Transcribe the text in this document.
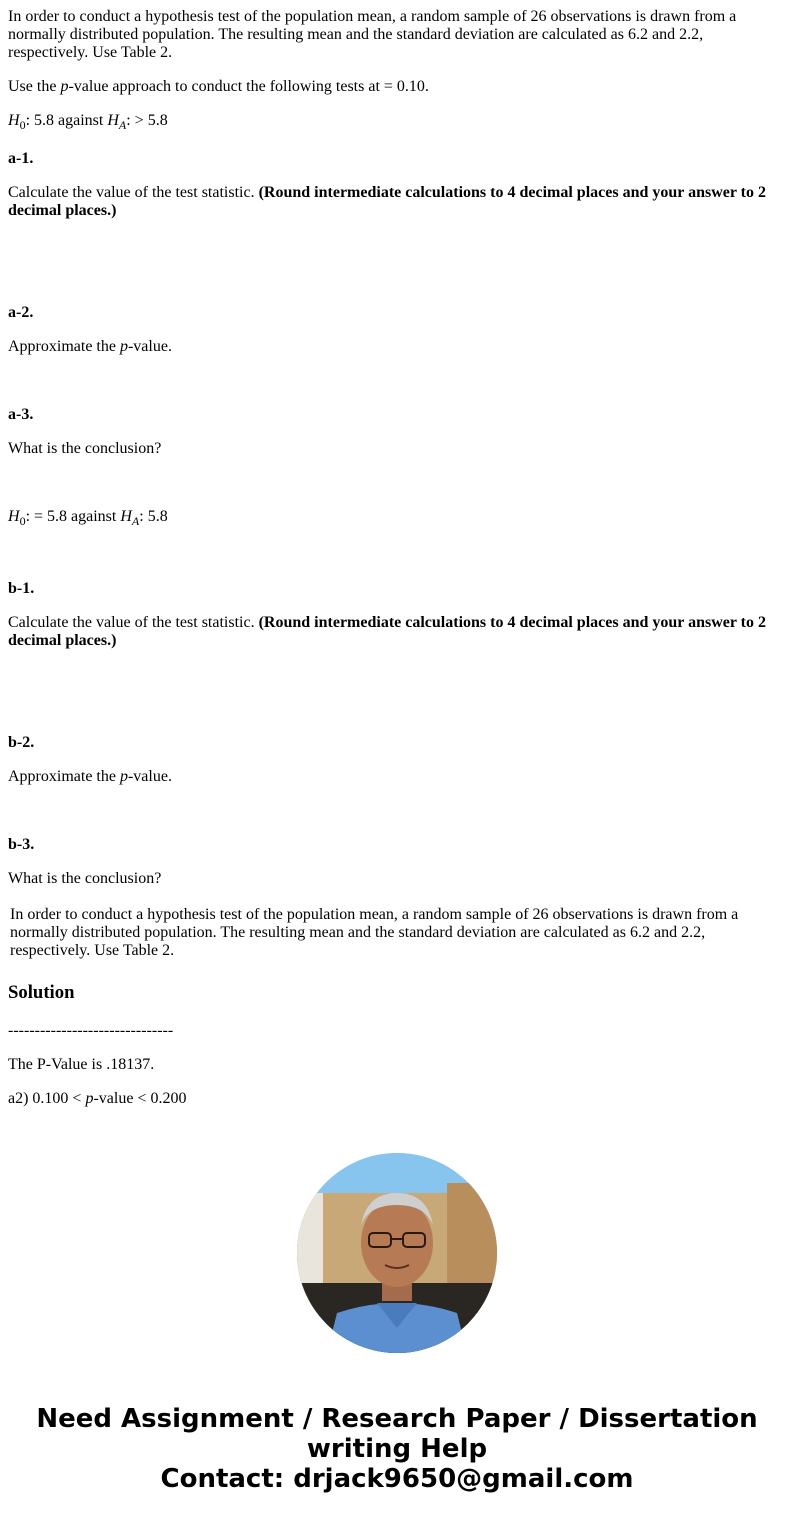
In order to conduct a hypothesis test of the population mean, a random sample of 26 observations is drawn from a normally distributed population. The resulting mean and the standard deviation are calculated as 6.2 and 2.2, respectively. Use Table 2.

Use the p-value approach to conduct the following tests at = 0.10.

$H_0$: 5.8 against $H_A$: > 5.8

a-1.

Calculate the value of the test statistic. (Round intermediate calculations to 4 decimal places and your answer to 2 decimal places.)

a-2.

Approximate the p-value.

a-3.

What is the conclusion?

$H_0$: = 5.8 against $H_A$: 5.8

b-1.

Calculate the value of the test statistic. (Round intermediate calculations to 4 decimal places and your answer to 2 decimal places.)

b-2.

Approximate the p-value.

b-3.

What is the conclusion?

In order to conduct a hypothesis test of the population mean, a random sample of 26 observations is drawn from a normally distributed population. The resulting mean and the standard deviation are calculated as 6.2 and 2.2, respectively. Use Table 2.

Solution

-------------------------------

The P-Value is .18137.

a2) 0.100 < p-value < 0.200

Need Assignment / Research Paper / Dissertation
writing Help
Contact: drjack9650@gmail.com
